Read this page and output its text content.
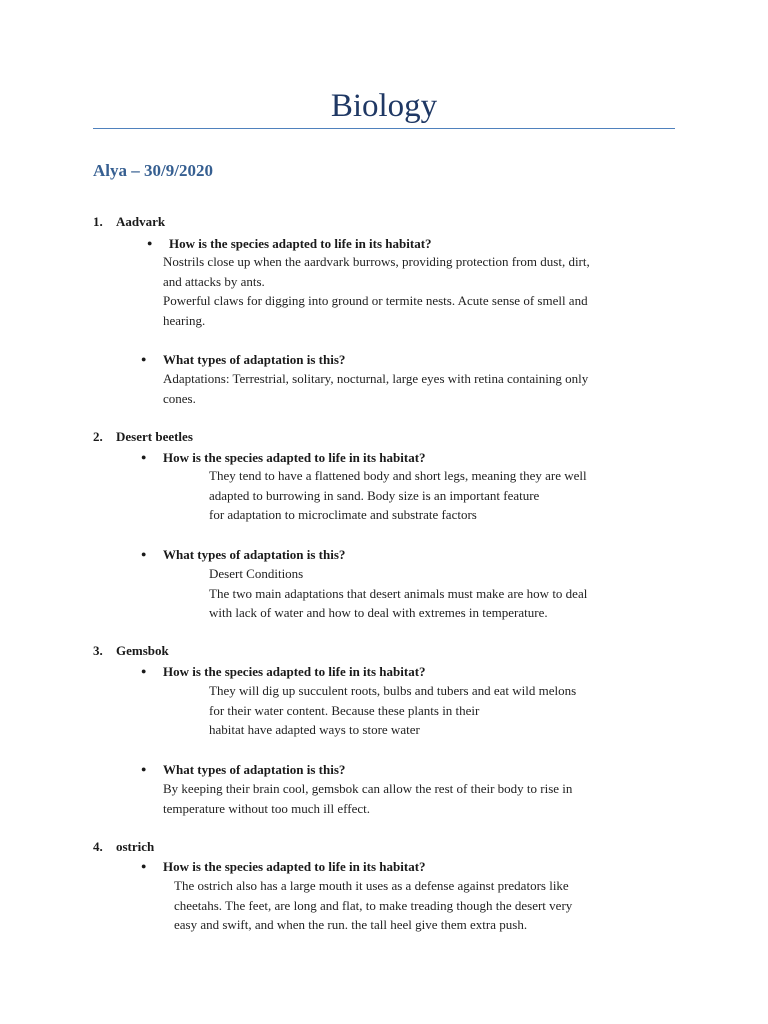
Biology
Alya – 30/9/2020
1. Aadvark
● How is the species adapted to life in its habitat?
Nostrils close up when the aardvark burrows, providing protection from dust, dirt,
and attacks by ants.
Powerful claws for digging into ground or termite nests. Acute sense of smell and
hearing.
● What types of adaptation is this?
Adaptations: Terrestrial, solitary, nocturnal, large eyes with retina containing only
cones.
2. Desert beetles
● How is the species adapted to life in its habitat?
They tend to have a flattened body and short legs, meaning they are well
adapted to burrowing in sand. Body size is an important feature
for adaptation to microclimate and substrate factors
● What types of adaptation is this?
Desert Conditions
The two main adaptations that desert animals must make are how to deal
with lack of water and how to deal with extremes in temperature.
3. Gemsbok
● How is the species adapted to life in its habitat?
They will dig up succulent roots, bulbs and tubers and eat wild melons
for their water content. Because these plants in their
habitat have adapted ways to store water
● What types of adaptation is this?
By keeping their brain cool, gemsbok can allow the rest of their body to rise in
temperature without too much ill effect.
4. ostrich
● How is the species adapted to life in its habitat?
The ostrich also has a large mouth it uses as a defense against predators like
cheetahs. The feet, are long and flat, to make treading though the desert very
easy and swift, and when the run. the tall heel give them extra push.
